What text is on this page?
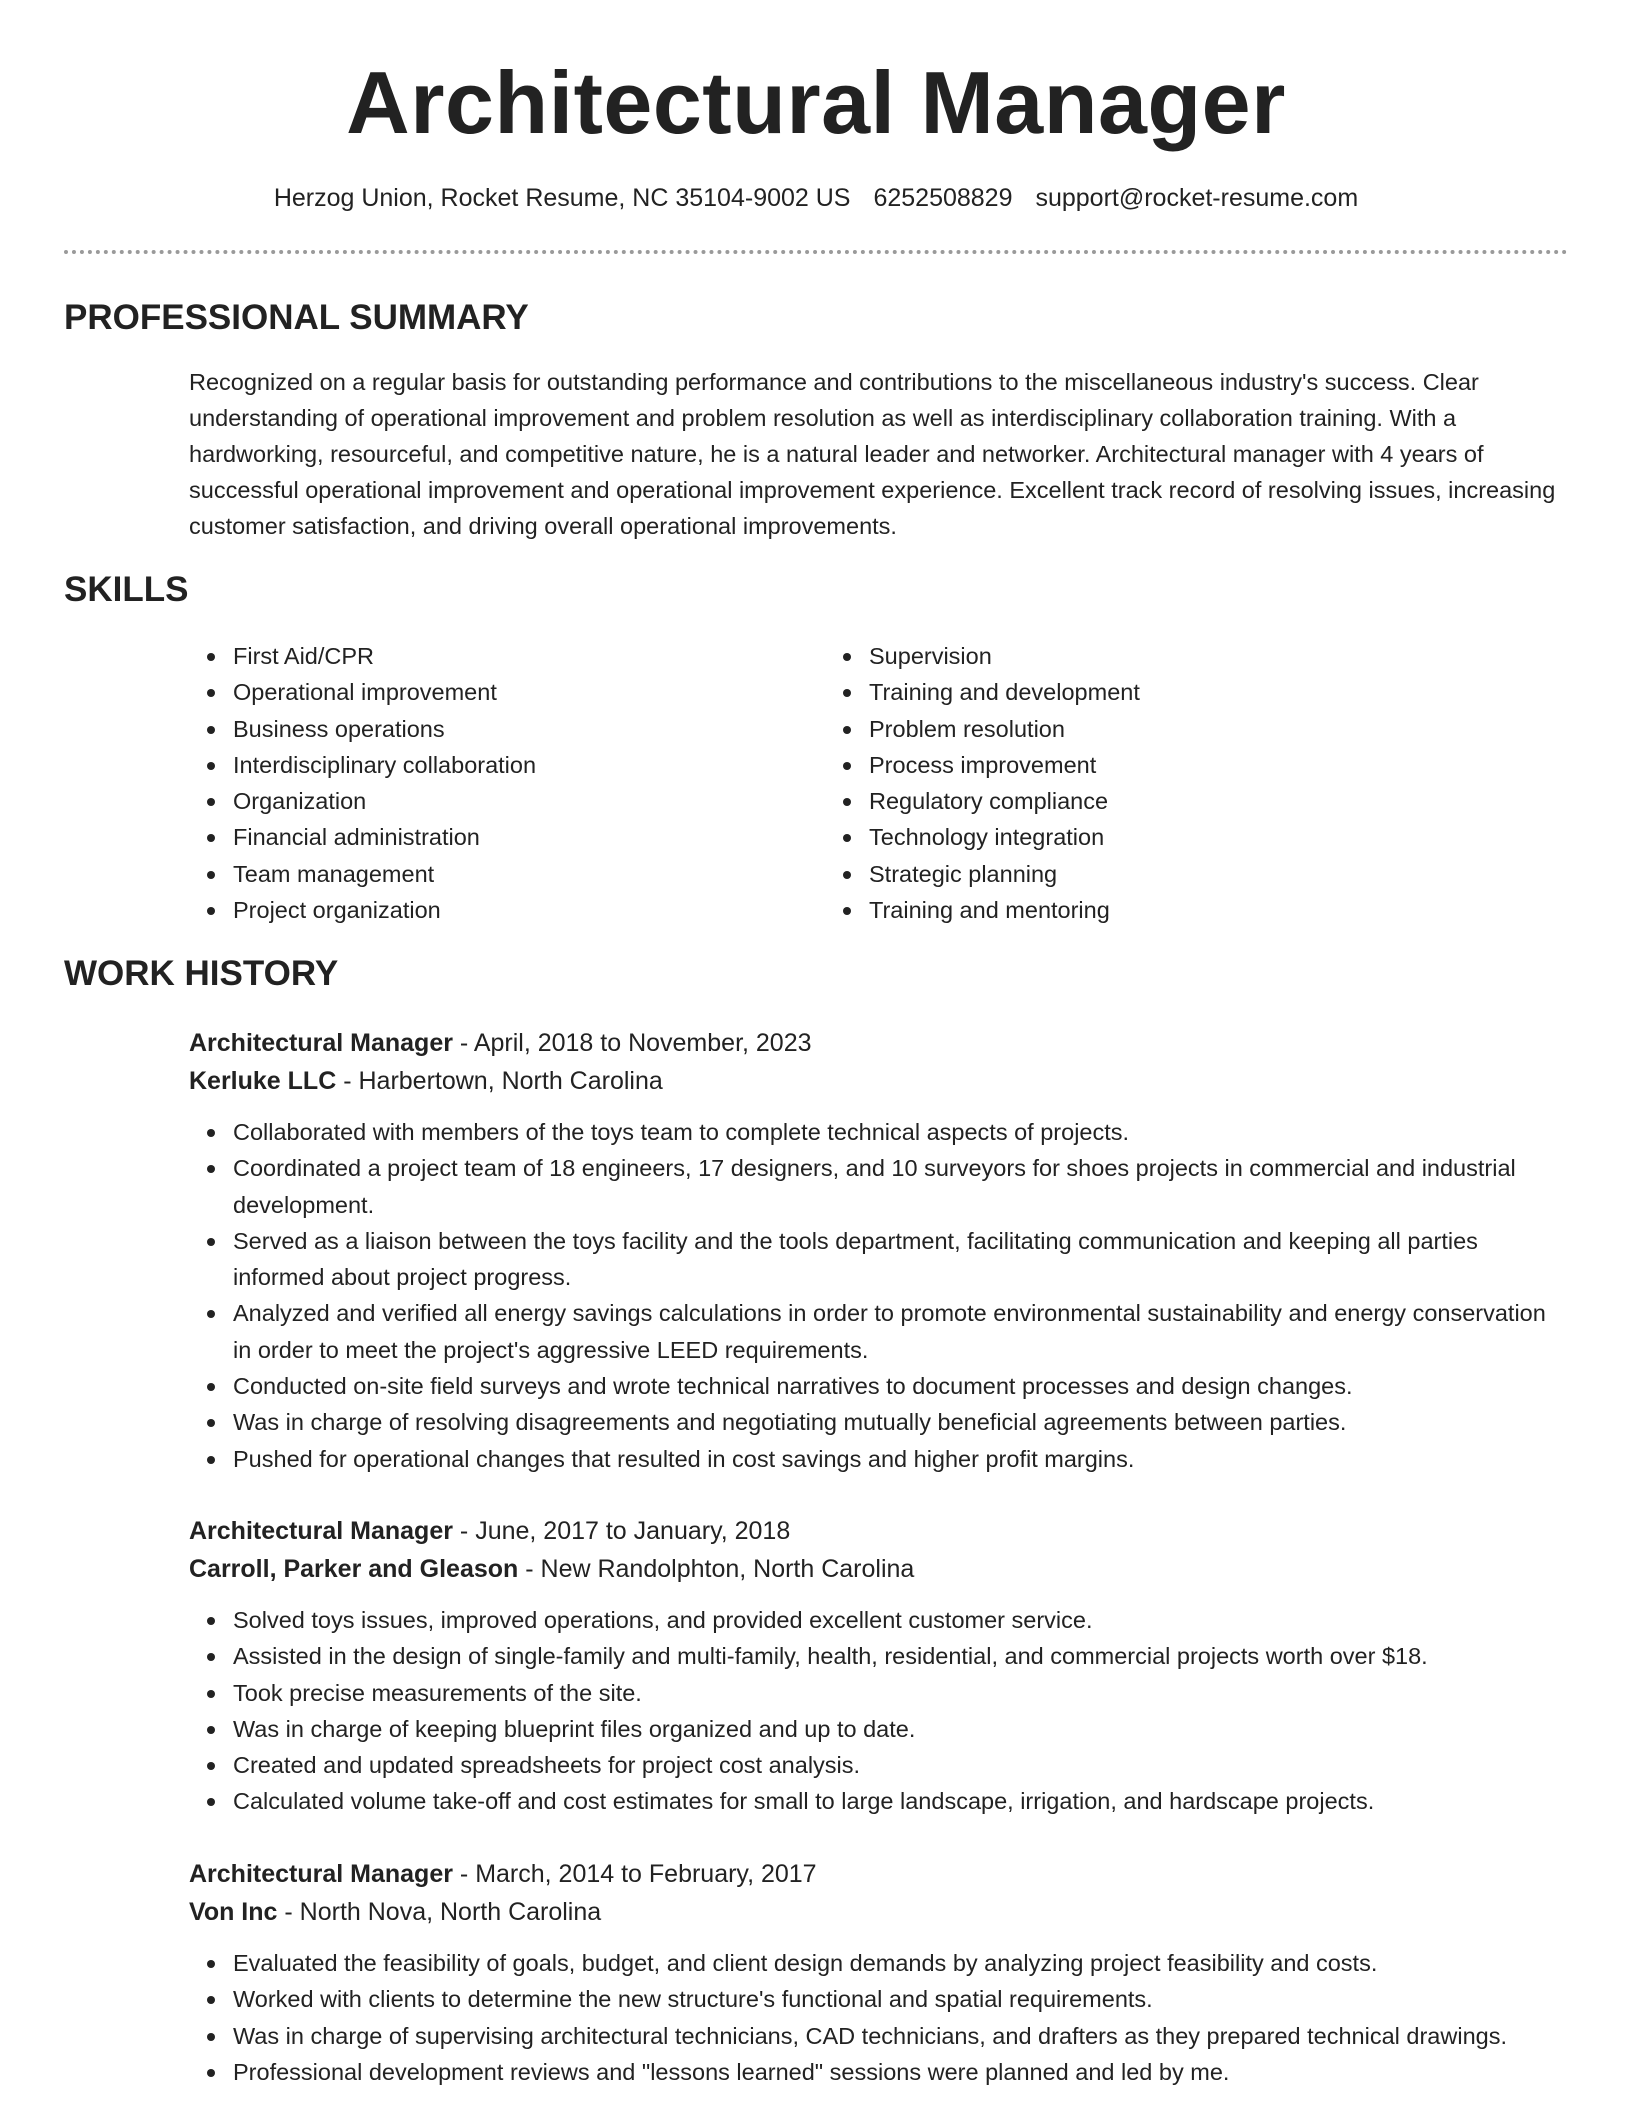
Architectural Manager
Herzog Union, Rocket Resume, NC 35104-9002 US 6252508829 support@rocket-resume.com
PROFESSIONAL SUMMARY

Recognized on a regular basis for outstanding performance and contributions to the miscellaneous industry's success. Clear understanding of operational improvement and problem resolution as well as interdisciplinary collaboration training. With a hardworking, resourceful, and competitive nature, he is a natural leader and networker. Architectural manager with 4 years of successful operational improvement and operational improvement experience. Excellent track record of resolving issues, increasing customer satisfaction, and driving overall operational improvements.

SKILLS
First Aid/CPR
Operational improvement
Business operations
Interdisciplinary collaboration
Organization
Financial administration
Team management
Project organization
Supervision
Training and development
Problem resolution
Process improvement
Regulatory compliance
Technology integration
Strategic planning
Training and mentoring
WORK HISTORY
Architectural Manager - April, 2018 to November, 2023
Kerluke LLC - Harbertown, North Carolina
Collaborated with members of the toys team to complete technical aspects of projects.
Coordinated a project team of 18 engineers, 17 designers, and 10 surveyors for shoes projects in commercial and industrial development.
Served as a liaison between the toys facility and the tools department, facilitating communication and keeping all parties informed about project progress.
Analyzed and verified all energy savings calculations in order to promote environmental sustainability and energy conservation in order to meet the project's aggressive LEED requirements.
Conducted on-site field surveys and wrote technical narratives to document processes and design changes.
Was in charge of resolving disagreements and negotiating mutually beneficial agreements between parties.
Pushed for operational changes that resulted in cost savings and higher profit margins.
Architectural Manager - June, 2017 to January, 2018
Carroll, Parker and Gleason - New Randolphton, North Carolina
Solved toys issues, improved operations, and provided excellent customer service.
Assisted in the design of single-family and multi-family, health, residential, and commercial projects worth over $18.
Took precise measurements of the site.
Was in charge of keeping blueprint files organized and up to date.
Created and updated spreadsheets for project cost analysis.
Calculated volume take-off and cost estimates for small to large landscape, irrigation, and hardscape projects.
Architectural Manager - March, 2014 to February, 2017
Von Inc - North Nova, North Carolina
Evaluated the feasibility of goals, budget, and client design demands by analyzing project feasibility and costs.
Worked with clients to determine the new structure's functional and spatial requirements.
Was in charge of supervising architectural technicians, CAD technicians, and drafters as they prepared technical drawings.
Professional development reviews and "lessons learned" sessions were planned and led by me.
